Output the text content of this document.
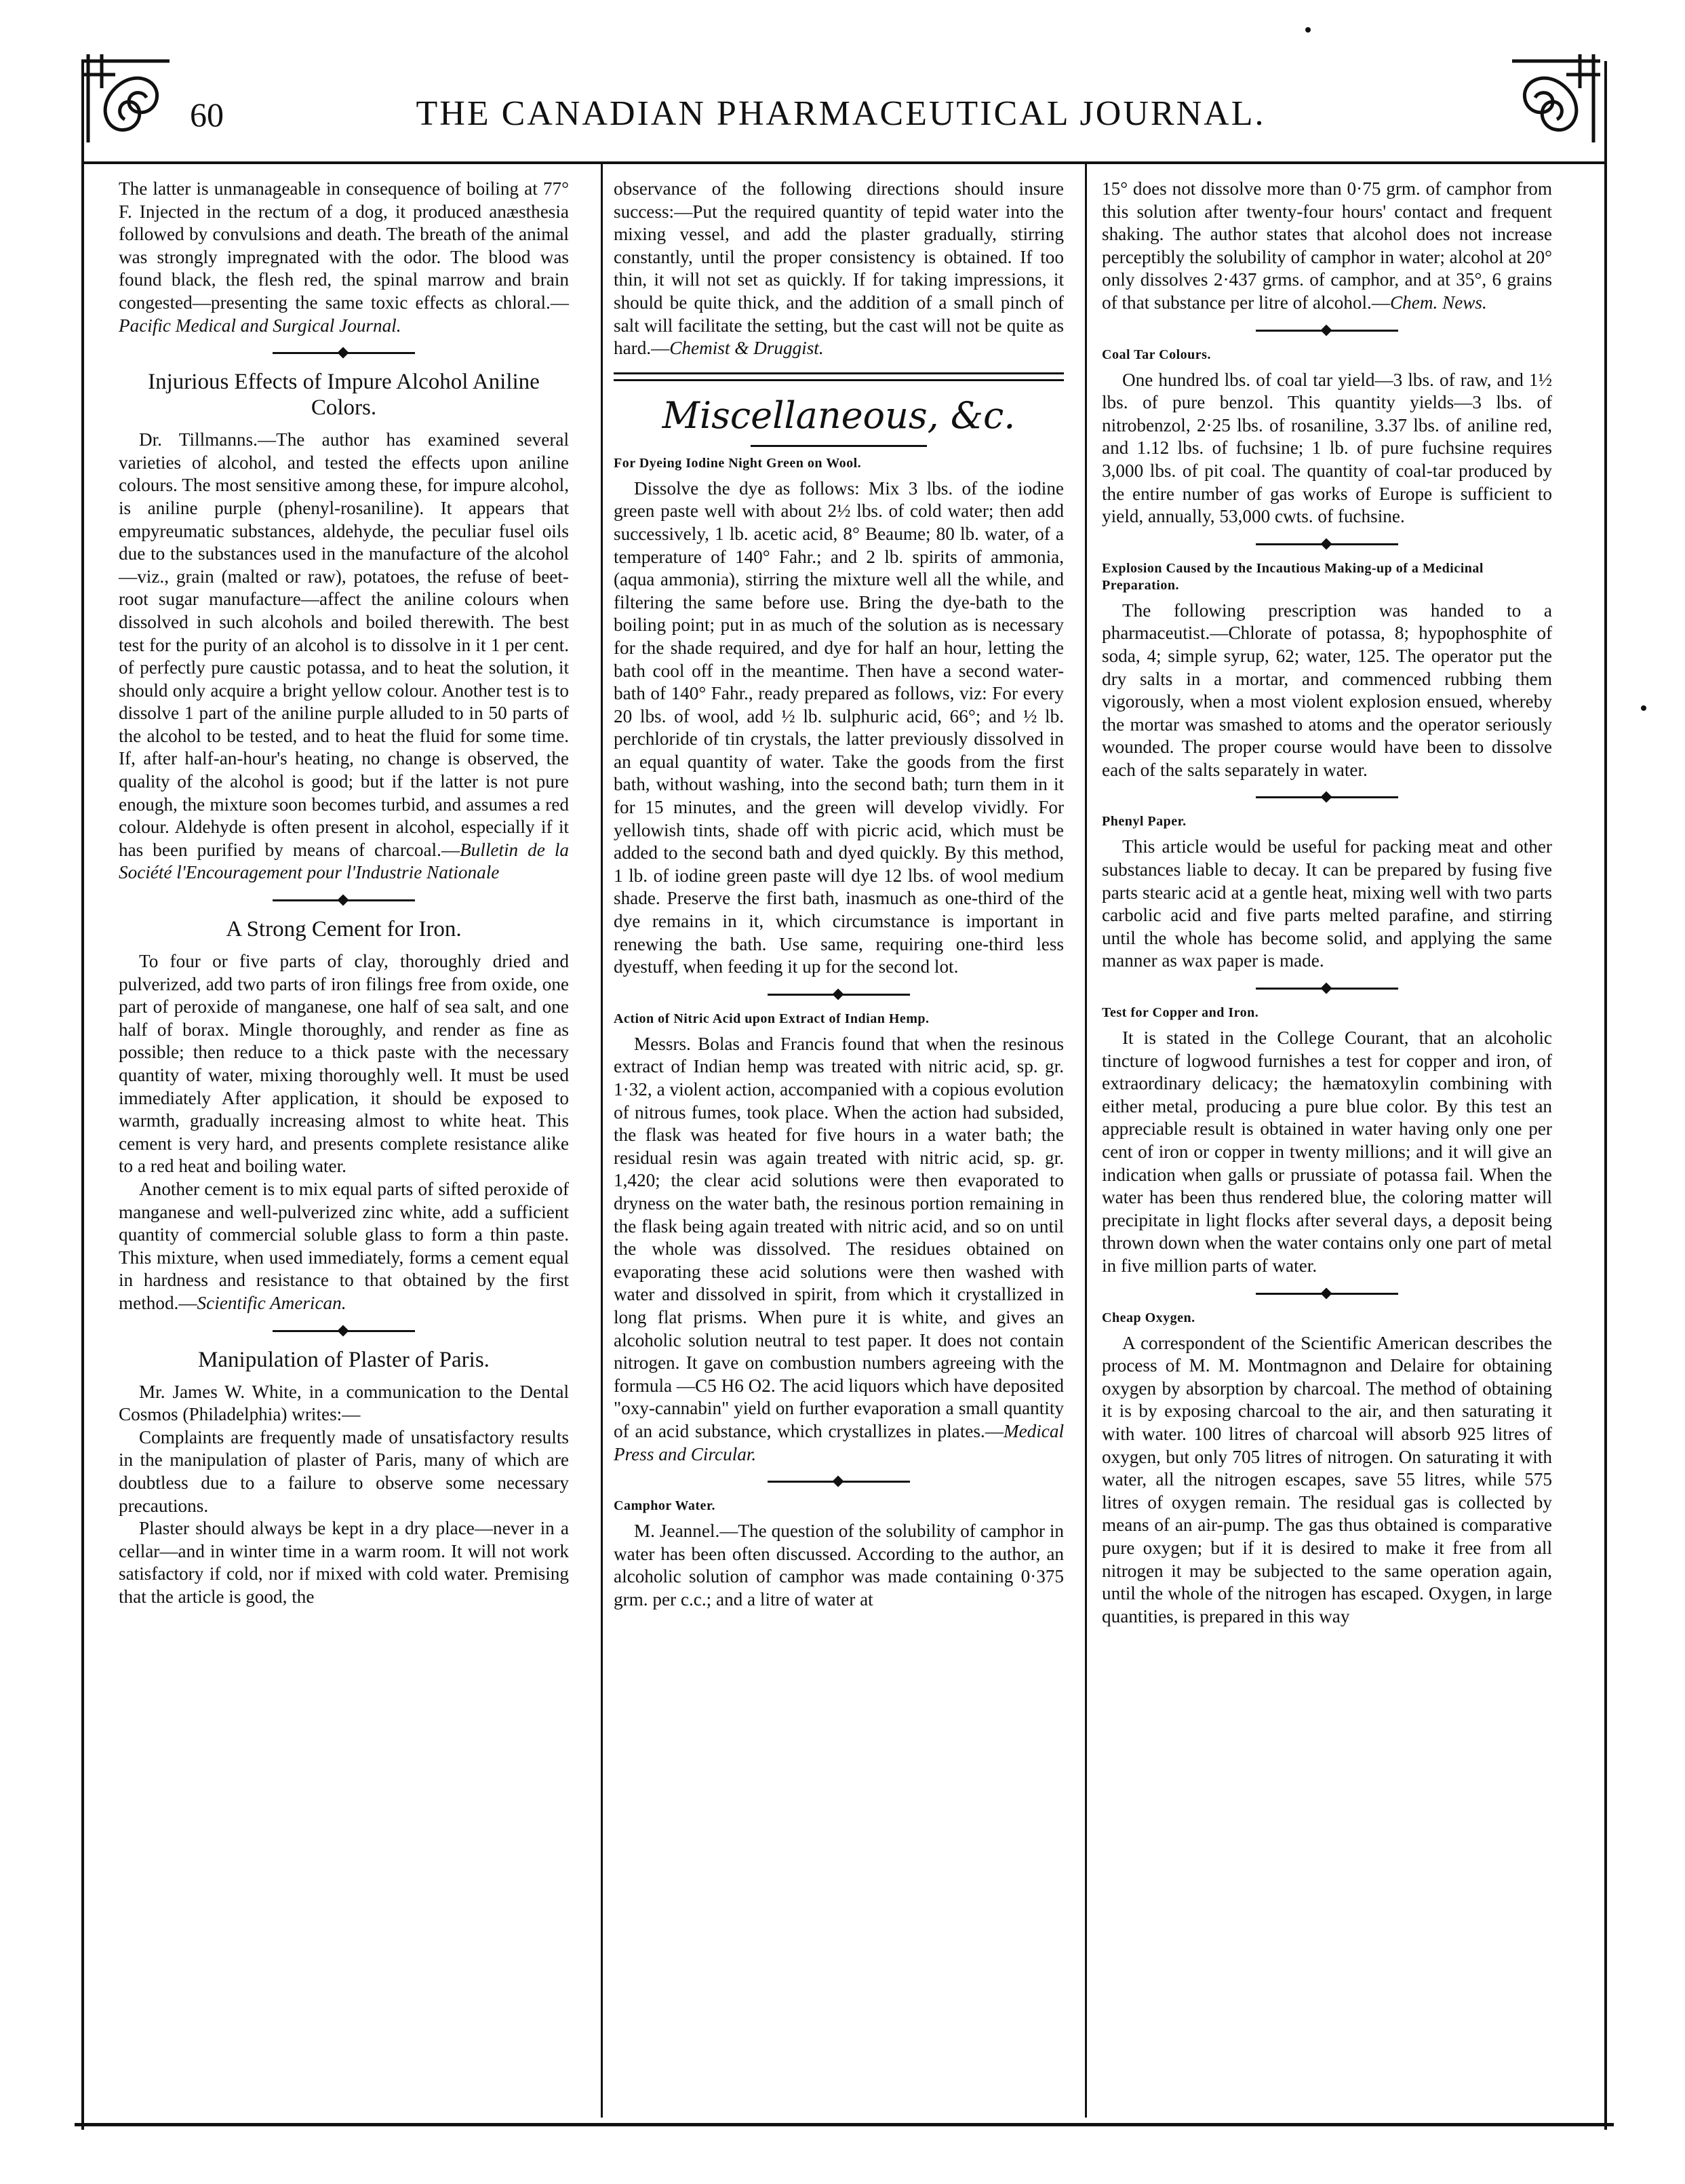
60	THE CANADIAN PHARMACEUTICAL JOURNAL.

The latter is unmanageable in consequence of boiling at 77° F. Injected in the rectum of a dog, it produced anæsthesia followed by convulsions and death. The breath of the animal was strongly impregnated with the odor. The blood was found black, the flesh red, the spinal marrow and brain congested—presenting the same toxic effects as chloral.—Pacific Medical and Surgical Journal.

Injurious Effects of Impure Alcohol Aniline Colors.

Dr. Tillmanns.—The author has examined several varieties of alcohol, and tested the effects upon aniline colours. The most sensitive among these, for impure alcohol, is aniline purple (phenyl-rosaniline). It appears that empyreumatic substances, aldehyde, the peculiar fusel oils due to the substances used in the manufacture of the alcohol—viz., grain (malted or raw), potatoes, the refuse of beet-root sugar manufacture—affect the aniline colours when dissolved in such alcohols and boiled therewith. The best test for the purity of an alcohol is to dissolve in it 1 per cent. of perfectly pure caustic potassa, and to heat the solution, it should only acquire a bright yellow colour. Another test is to dissolve 1 part of the aniline purple alluded to in 50 parts of the alcohol to be tested, and to heat the fluid for some time. If, after half-an-hour's heating, no change is observed, the quality of the alcohol is good; but if the latter is not pure enough, the mixture soon becomes turbid, and assumes a red colour. Aldehyde is often present in alcohol, especially if it has been purified by means of charcoal.—Bulletin de la Société l'Encouragement pour l'Industrie Nationale

A Strong Cement for Iron.

To four or five parts of clay, thoroughly dried and pulverized, add two parts of iron filings free from oxide, one part of peroxide of manganese, one half of sea salt, and one half of borax. Mingle thoroughly, and render as fine as possible; then reduce to a thick paste with the necessary quantity of water, mixing thoroughly well. It must be used immediately After application, it should be exposed to warmth, gradually increasing almost to white heat. This cement is very hard, and presents complete resistance alike to a red heat and boiling water.

Another cement is to mix equal parts of sifted peroxide of manganese and well-pulverized zinc white, add a sufficient quantity of commercial soluble glass to form a thin paste. This mixture, when used immediately, forms a cement equal in hardness and resistance to that obtained by the first method.—Scientific American.

Manipulation of Plaster of Paris.

Mr. James W. White, in a communication to the Dental Cosmos (Philadelphia) writes:—

Complaints are frequently made of unsatisfactory results in the manipulation of plaster of Paris, many of which are doubtless due to a failure to observe some necessary precautions.

Plaster should always be kept in a dry place—never in a cellar—and in winter time in a warm room. It will not work satisfactory if cold, nor if mixed with cold water. Premising that the article is good, the

observance of the following directions should insure success:—Put the required quantity of tepid water into the mixing vessel, and add the plaster gradually, stirring constantly, until the proper consistency is obtained. If too thin, it will not set as quickly. If for taking impressions, it should be quite thick, and the addition of a small pinch of salt will facilitate the setting, but the cast will not be quite as hard.—Chemist & Druggist.

Miscellaneous, &c.
For Dyeing Iodine Night Green on Wool.

Dissolve the dye as follows: Mix 3 lbs. of the iodine green paste well with about 2½ lbs. of cold water; then add successively, 1 lb. acetic acid, 8° Beaume; 80 lb. water, of a temperature of 140° Fahr.; and 2 lb. spirits of ammonia, (aqua ammonia), stirring the mixture well all the while, and filtering the same before use. Bring the dye-bath to the boiling point; put in as much of the solution as is necessary for the shade required, and dye for half an hour, letting the bath cool off in the meantime. Then have a second water-bath of 140° Fahr., ready prepared as follows, viz: For every 20 lbs. of wool, add ½ lb. sulphuric acid, 66°; and ½ lb. perchloride of tin crystals, the latter previously dissolved in an equal quantity of water. Take the goods from the first bath, without washing, into the second bath; turn them in it for 15 minutes, and the green will develop vividly. For yellowish tints, shade off with picric acid, which must be added to the second bath and dyed quickly. By this method, 1 lb. of iodine green paste will dye 12 lbs. of wool medium shade. Preserve the first bath, inasmuch as one-third of the dye remains in it, which circumstance is important in renewing the bath. Use same, requiring one-third less dyestuff, when feeding it up for the second lot.

Action of Nitric Acid upon Extract of Indian Hemp.

Messrs. Bolas and Francis found that when the resinous extract of Indian hemp was treated with nitric acid, sp. gr. 1·32, a violent action, accompanied with a copious evolution of nitrous fumes, took place. When the action had subsided, the flask was heated for five hours in a water bath; the residual resin was again treated with nitric acid, sp. gr. 1,420; the clear acid solutions were then evaporated to dryness on the water bath, the resinous portion remaining in the flask being again treated with nitric acid, and so on until the whole was dissolved. The residues obtained on evaporating these acid solutions were then washed with water and dissolved in spirit, from which it crystallized in long flat prisms. When pure it is white, and gives an alcoholic solution neutral to test paper. It does not contain nitrogen. It gave on combustion numbers agreeing with the formula —C5 H6 O2. The acid liquors which have deposited "oxy-cannabin" yield on further evaporation a small quantity of an acid substance, which crystallizes in plates.—Medical Press and Circular.

Camphor Water.

M. Jeannel.—The question of the solubility of camphor in water has been often discussed. According to the author, an alcoholic solution of camphor was made containing 0·375 grm. per c.c.; and a litre of water at

15° does not dissolve more than 0·75 grm. of camphor from this solution after twenty-four hours' contact and frequent shaking. The author states that alcohol does not increase perceptibly the solubility of camphor in water; alcohol at 20° only dissolves 2·437 grms. of camphor, and at 35°, 6 grains of that substance per litre of alcohol.—Chem. News.

Coal Tar Colours.

One hundred lbs. of coal tar yield—3 lbs. of raw, and 1½ lbs. of pure benzol. This quantity yields—3 lbs. of nitrobenzol, 2·25 lbs. of rosaniline, 3.37 lbs. of aniline red, and 1.12 lbs. of fuchsine; 1 lb. of pure fuchsine requires 3,000 lbs. of pit coal. The quantity of coal-tar produced by the entire number of gas works of Europe is sufficient to yield, annually, 53,000 cwts. of fuchsine.

Explosion Caused by the Incautious Making-up of a Medicinal Preparation.

The following prescription was handed to a pharmaceutist.—Chlorate of potassa, 8; hypophosphite of soda, 4; simple syrup, 62; water, 125. The operator put the dry salts in a mortar, and commenced rubbing them vigorously, when a most violent explosion ensued, whereby the mortar was smashed to atoms and the operator seriously wounded. The proper course would have been to dissolve each of the salts separately in water.

Phenyl Paper.

This article would be useful for packing meat and other substances liable to decay. It can be prepared by fusing five parts stearic acid at a gentle heat, mixing well with two parts carbolic acid and five parts melted parafine, and stirring until the whole has become solid, and applying the same manner as wax paper is made.

Test for Copper and Iron.

It is stated in the College Courant, that an alcoholic tincture of logwood furnishes a test for copper and iron, of extraordinary delicacy; the hæmatoxylin combining with either metal, producing a pure blue color. By this test an appreciable result is obtained in water having only one per cent of iron or copper in twenty millions; and it will give an indication when galls or prussiate of potassa fail. When the water has been thus rendered blue, the coloring matter will precipitate in light flocks after several days, a deposit being thrown down when the water contains only one part of metal in five million parts of water.

Cheap Oxygen.

A correspondent of the Scientific American describes the process of M. M. Montmagnon and Delaire for obtaining oxygen by absorption by charcoal. The method of obtaining it is by exposing charcoal to the air, and then saturating it with water. 100 litres of charcoal will absorb 925 litres of oxygen, but only 705 litres of nitrogen. On saturating it with water, all the nitrogen escapes, save 55 litres, while 575 litres of oxygen remain. The residual gas is collected by means of an air-pump. The gas thus obtained is comparative pure oxygen; but if it is desired to make it free from all nitrogen it may be subjected to the same operation again, until the whole of the nitrogen has escaped. Oxygen, in large quantities, is prepared in this way
